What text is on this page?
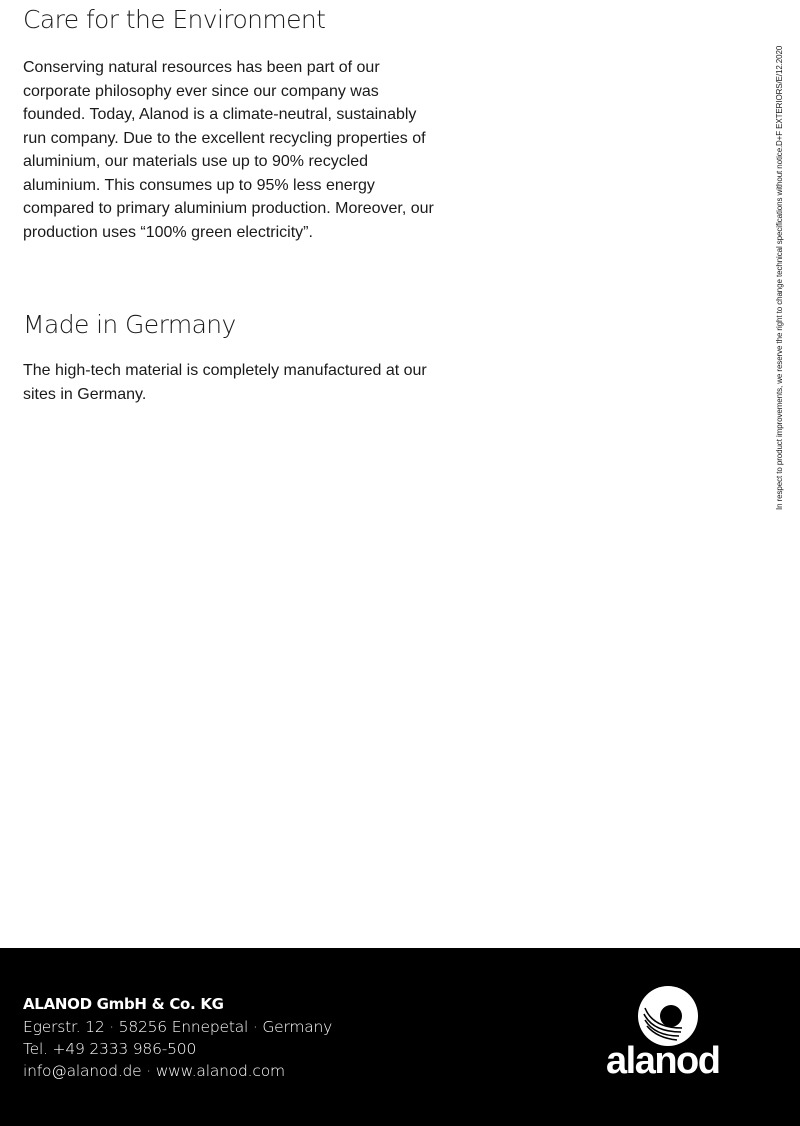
Care for the Environment

Conserving natural resources has been part of our corporate philosophy ever since our company was founded. Today, Alanod is a climate-neutral, sustainably run company. Due to the excellent recycling properties of aluminium, our materials use up to 90% recycled aluminium. This consumes up to 95% less energy compared to primary aluminium production. Moreover, our production uses “100% green electricity”.

Made in Germany

The high-tech material is completely manufactured at our sites in Germany.

D+F EXTERIORS/E/12.2020
In respect to product improvements, we reserve the right to change technical specifications without notice.

ALANOD GmbH & Co. KG

Egerstr. 12 · 58256 Ennepetal · Germany

Tel. +49 2333 986-500

info@alanod.de · www.alanod.com	alanod
